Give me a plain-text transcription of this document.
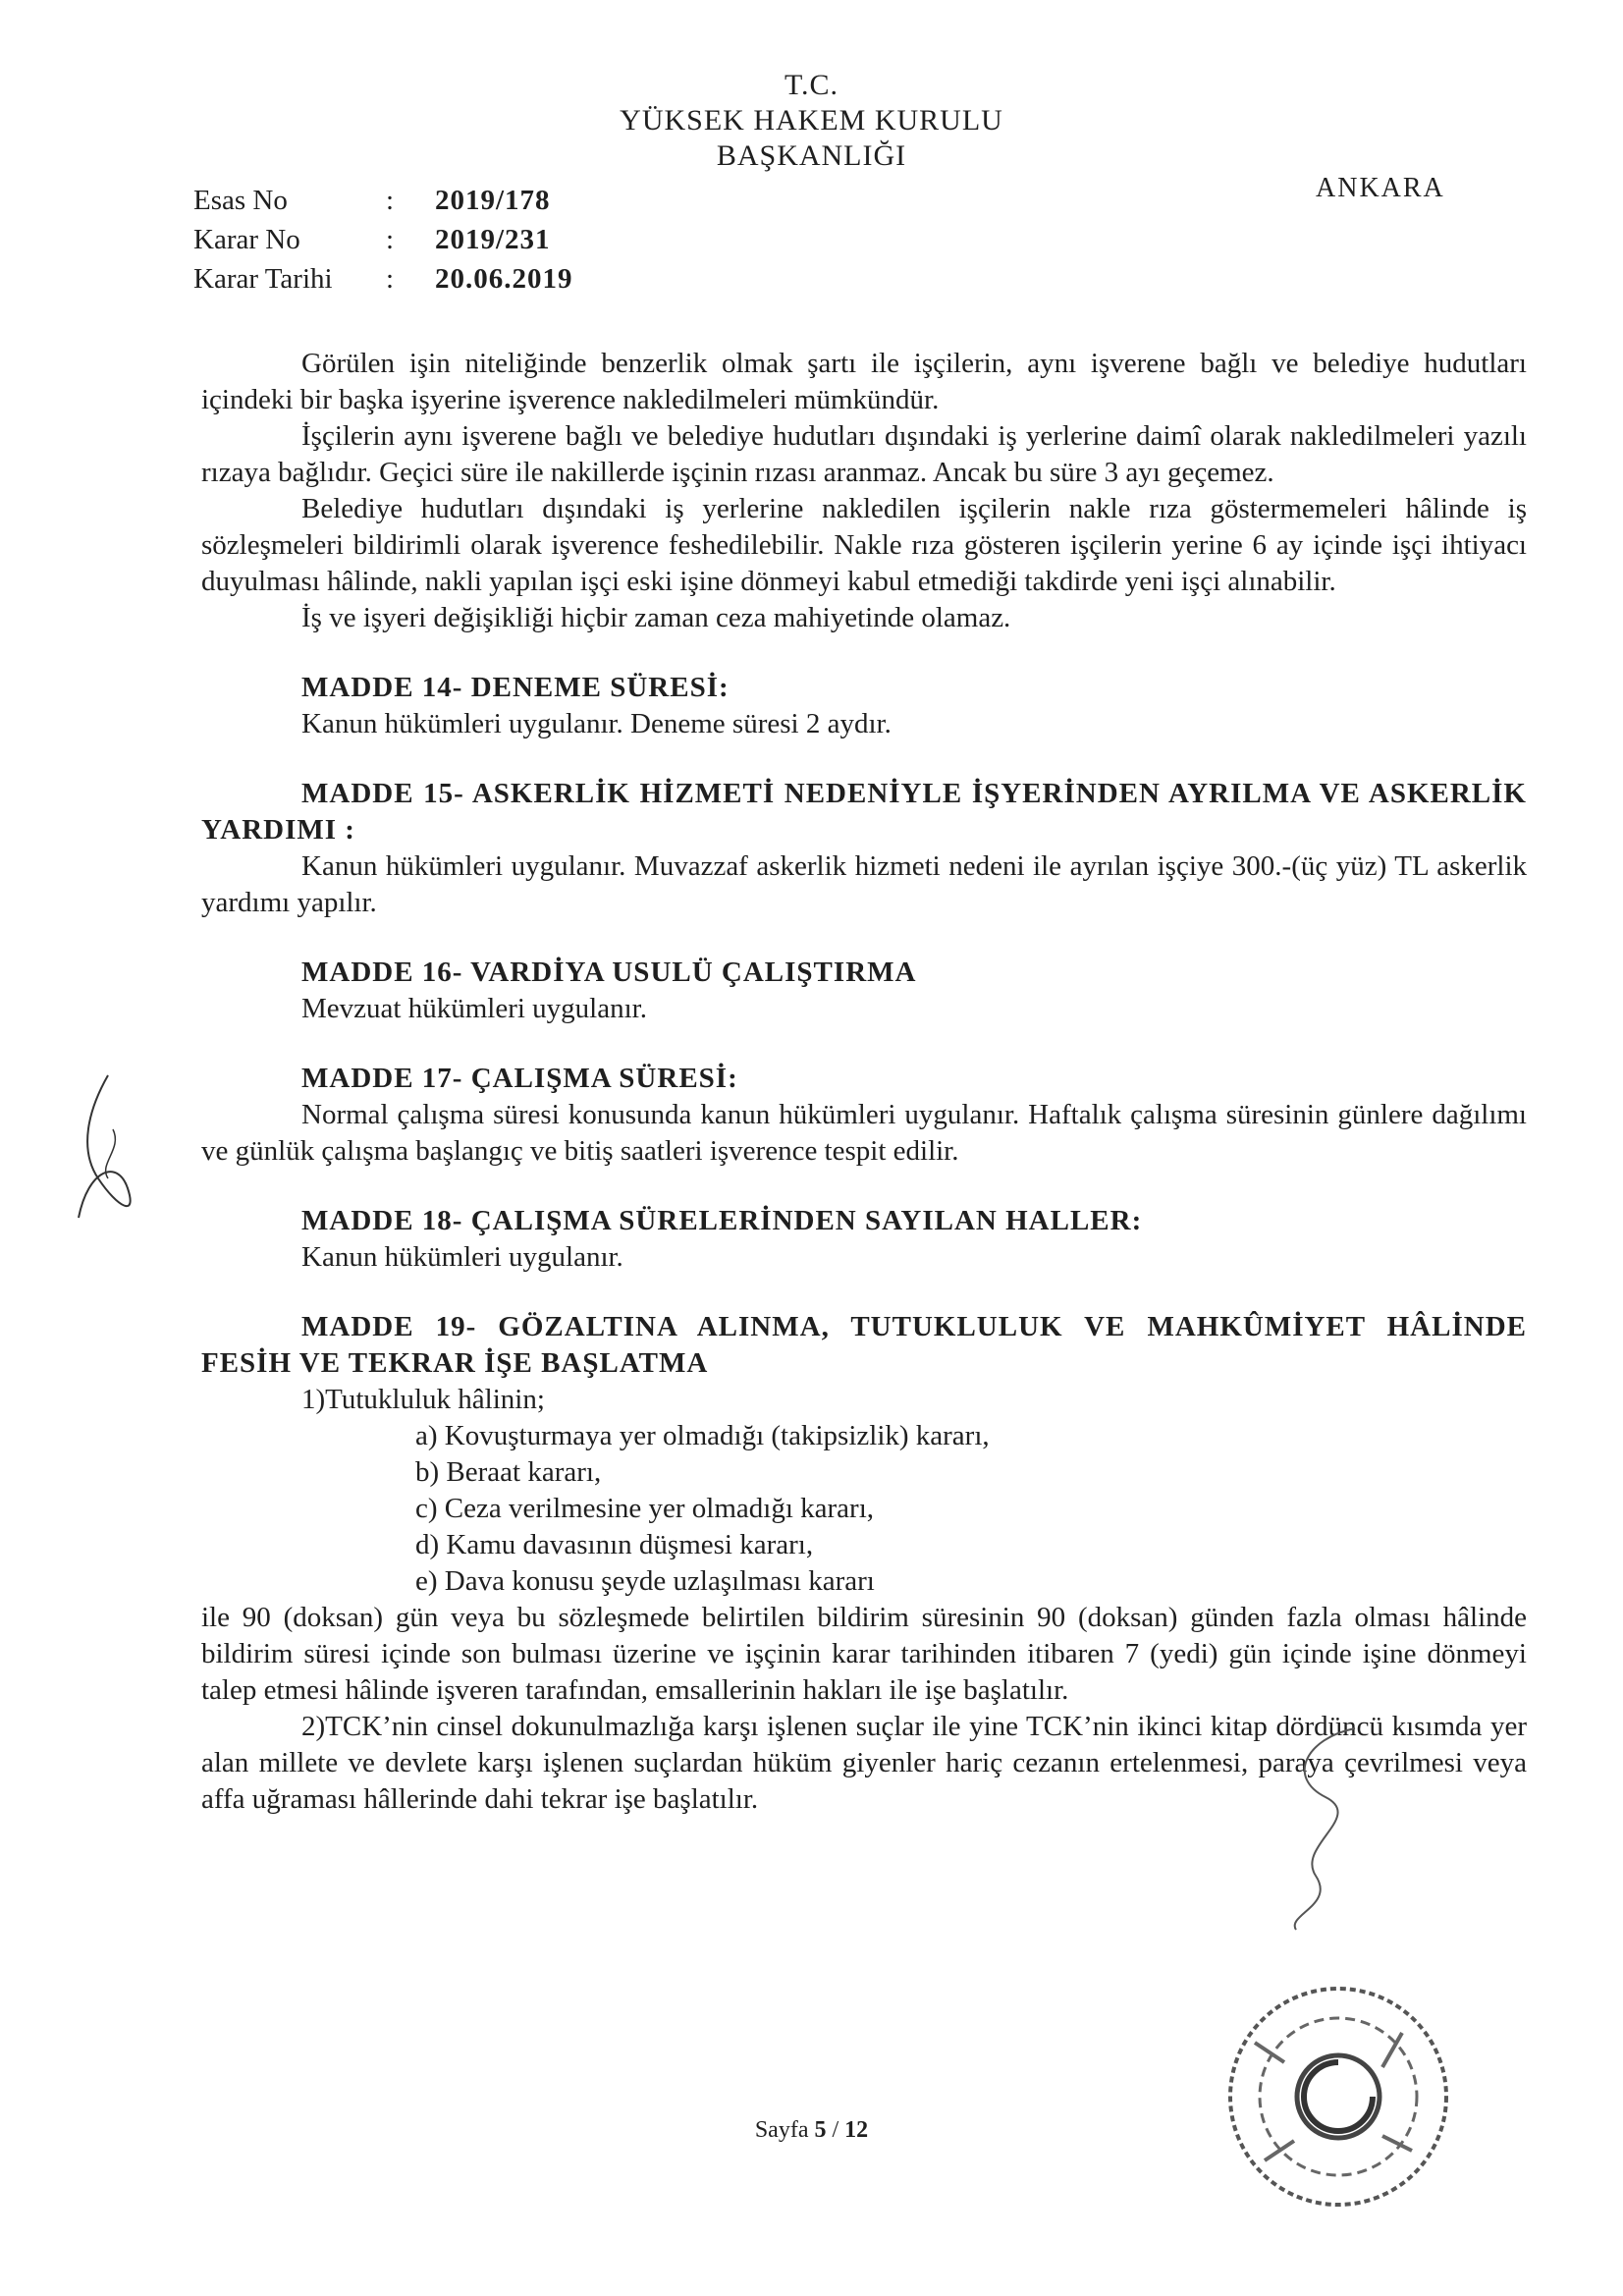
T.C.
YÜKSEK HAKEM KURULU
BAŞKANLIĞI
ANKARA
Esas No	:	2019/178
Karar No	:	2019/231
Karar Tarihi	:	20.06.2019

Görülen işin niteliğinde benzerlik olmak şartı ile işçilerin, aynı işverene bağlı ve belediye hudutları içindeki bir başka işyerine işverence nakledilmeleri mümkündür.

İşçilerin aynı işverene bağlı ve belediye hudutları dışındaki iş yerlerine daimî olarak nakledilmeleri yazılı rızaya bağlıdır. Geçici süre ile nakillerde işçinin rızası aranmaz. Ancak bu süre 3 ayı geçemez.

Belediye hudutları dışındaki iş yerlerine nakledilen işçilerin nakle rıza göstermemeleri hâlinde iş sözleşmeleri bildirimli olarak işverence feshedilebilir. Nakle rıza gösteren işçilerin yerine 6 ay içinde işçi ihtiyacı duyulması hâlinde, nakli yapılan işçi eski işine dönmeyi kabul etmediği takdirde yeni işçi alınabilir.

İş ve işyeri değişikliği hiçbir zaman ceza mahiyetinde olamaz.

MADDE 14- DENEME SÜRESİ:

Kanun hükümleri uygulanır. Deneme süresi 2 aydır.

MADDE 15- ASKERLİK HİZMETİ NEDENİYLE İŞYERİNDEN AYRILMA VE ASKERLİK YARDIMI :

Kanun hükümleri uygulanır. Muvazzaf askerlik hizmeti nedeni ile ayrılan işçiye 300.-(üç yüz) TL askerlik yardımı yapılır.

MADDE 16- VARDİYA USULÜ ÇALIŞTIRMA

Mevzuat hükümleri uygulanır.

MADDE 17- ÇALIŞMA SÜRESİ:

Normal çalışma süresi konusunda kanun hükümleri uygulanır. Haftalık çalışma süresinin günlere dağılımı ve günlük çalışma başlangıç ve bitiş saatleri işverence tespit edilir.

MADDE 18- ÇALIŞMA SÜRELERİNDEN SAYILAN HALLER:

Kanun hükümleri uygulanır.

MADDE 19- GÖZALTINA ALINMA, TUTUKLULUK VE MAHKÛMİYET HÂLİNDE FESİH VE TEKRAR İŞE BAŞLATMA

1)Tutukluluk hâlinin;

a) Kovuşturmaya yer olmadığı (takipsizlik) kararı,

b) Beraat kararı,

c) Ceza verilmesine yer olmadığı kararı,

d) Kamu davasının düşmesi kararı,

e) Dava konusu şeyde uzlaşılması kararı

ile 90 (doksan) gün veya bu sözleşmede belirtilen bildirim süresinin 90 (doksan) günden fazla olması hâlinde bildirim süresi içinde son bulması üzerine ve işçinin karar tarihinden itibaren 7 (yedi) gün içinde işine dönmeyi talep etmesi hâlinde işveren tarafından, emsallerinin hakları ile işe başlatılır.

2)TCK’nin cinsel dokunulmazlığa karşı işlenen suçlar ile yine TCK’nin ikinci kitap dördüncü kısımda yer alan millete ve devlete karşı işlenen suçlardan hüküm giyenler hariç cezanın ertelenmesi, paraya çevrilmesi veya affa uğraması hâllerinde dahi tekrar işe başlatılır.

Sayfa 5 / 12
